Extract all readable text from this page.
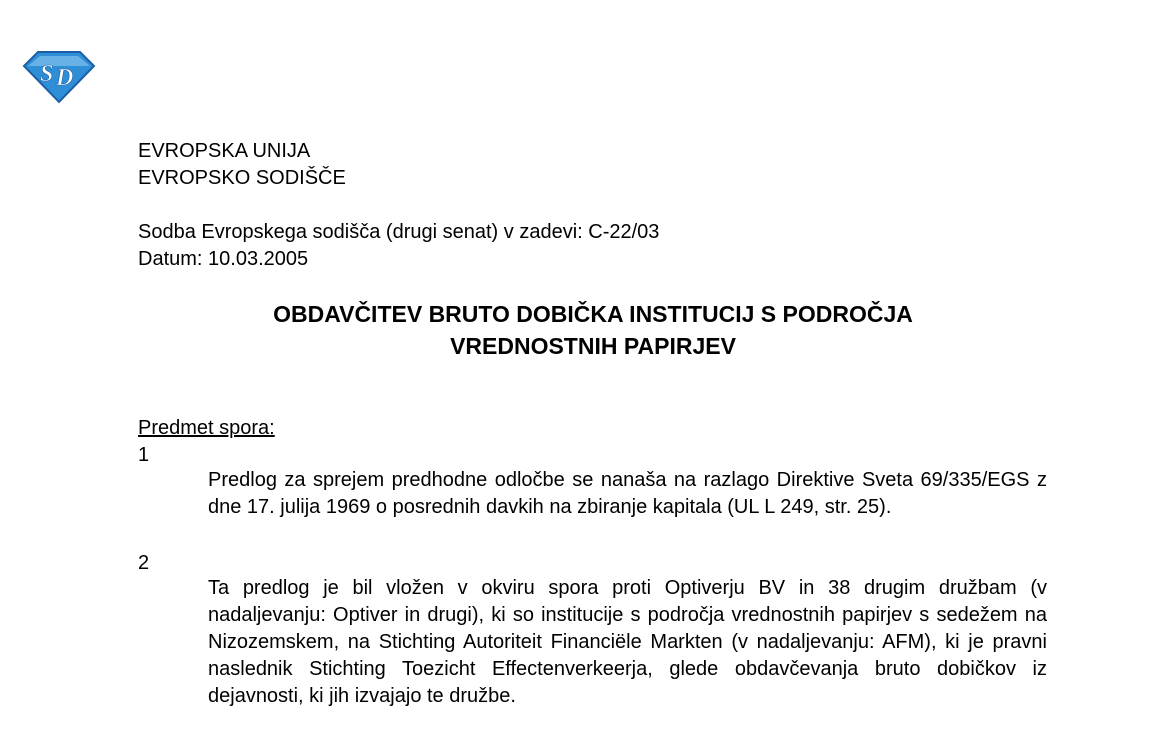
S D
EVROPSKA UNIJA
EVROPSKO SODIŠČE
Sodba Evropskega sodišča (drugi senat) v zadevi: C-22/03
Datum: 10.03.2005
OBDAVČITEV BRUTO DOBIČKA INSTITUCIJ S PODROČJA
VREDNOSTNIH PAPIRJEV
Predmet spora:
1
Predlog za sprejem predhodne odločbe se nanaša na razlago Direktive Sveta 69/335/EGS z dne 17. julija 1969 o posrednih davkih na zbiranje kapitala (UL L 249, str. 25).
2
Ta predlog je bil vložen v okviru spora proti Optiverju BV in 38 drugim družbam (v nadaljevanju: Optiver in drugi), ki so institucije s področja vrednostnih papirjev s sedežem na Nizozemskem, na Stichting Autoriteit Financiële Markten (v nadaljevanju: AFM), ki je pravni naslednik Stichting Toezicht Effectenverkeerja, glede obdavčevanja bruto dobičkov iz dejavnosti, ki jih izvajajo te družbe.
